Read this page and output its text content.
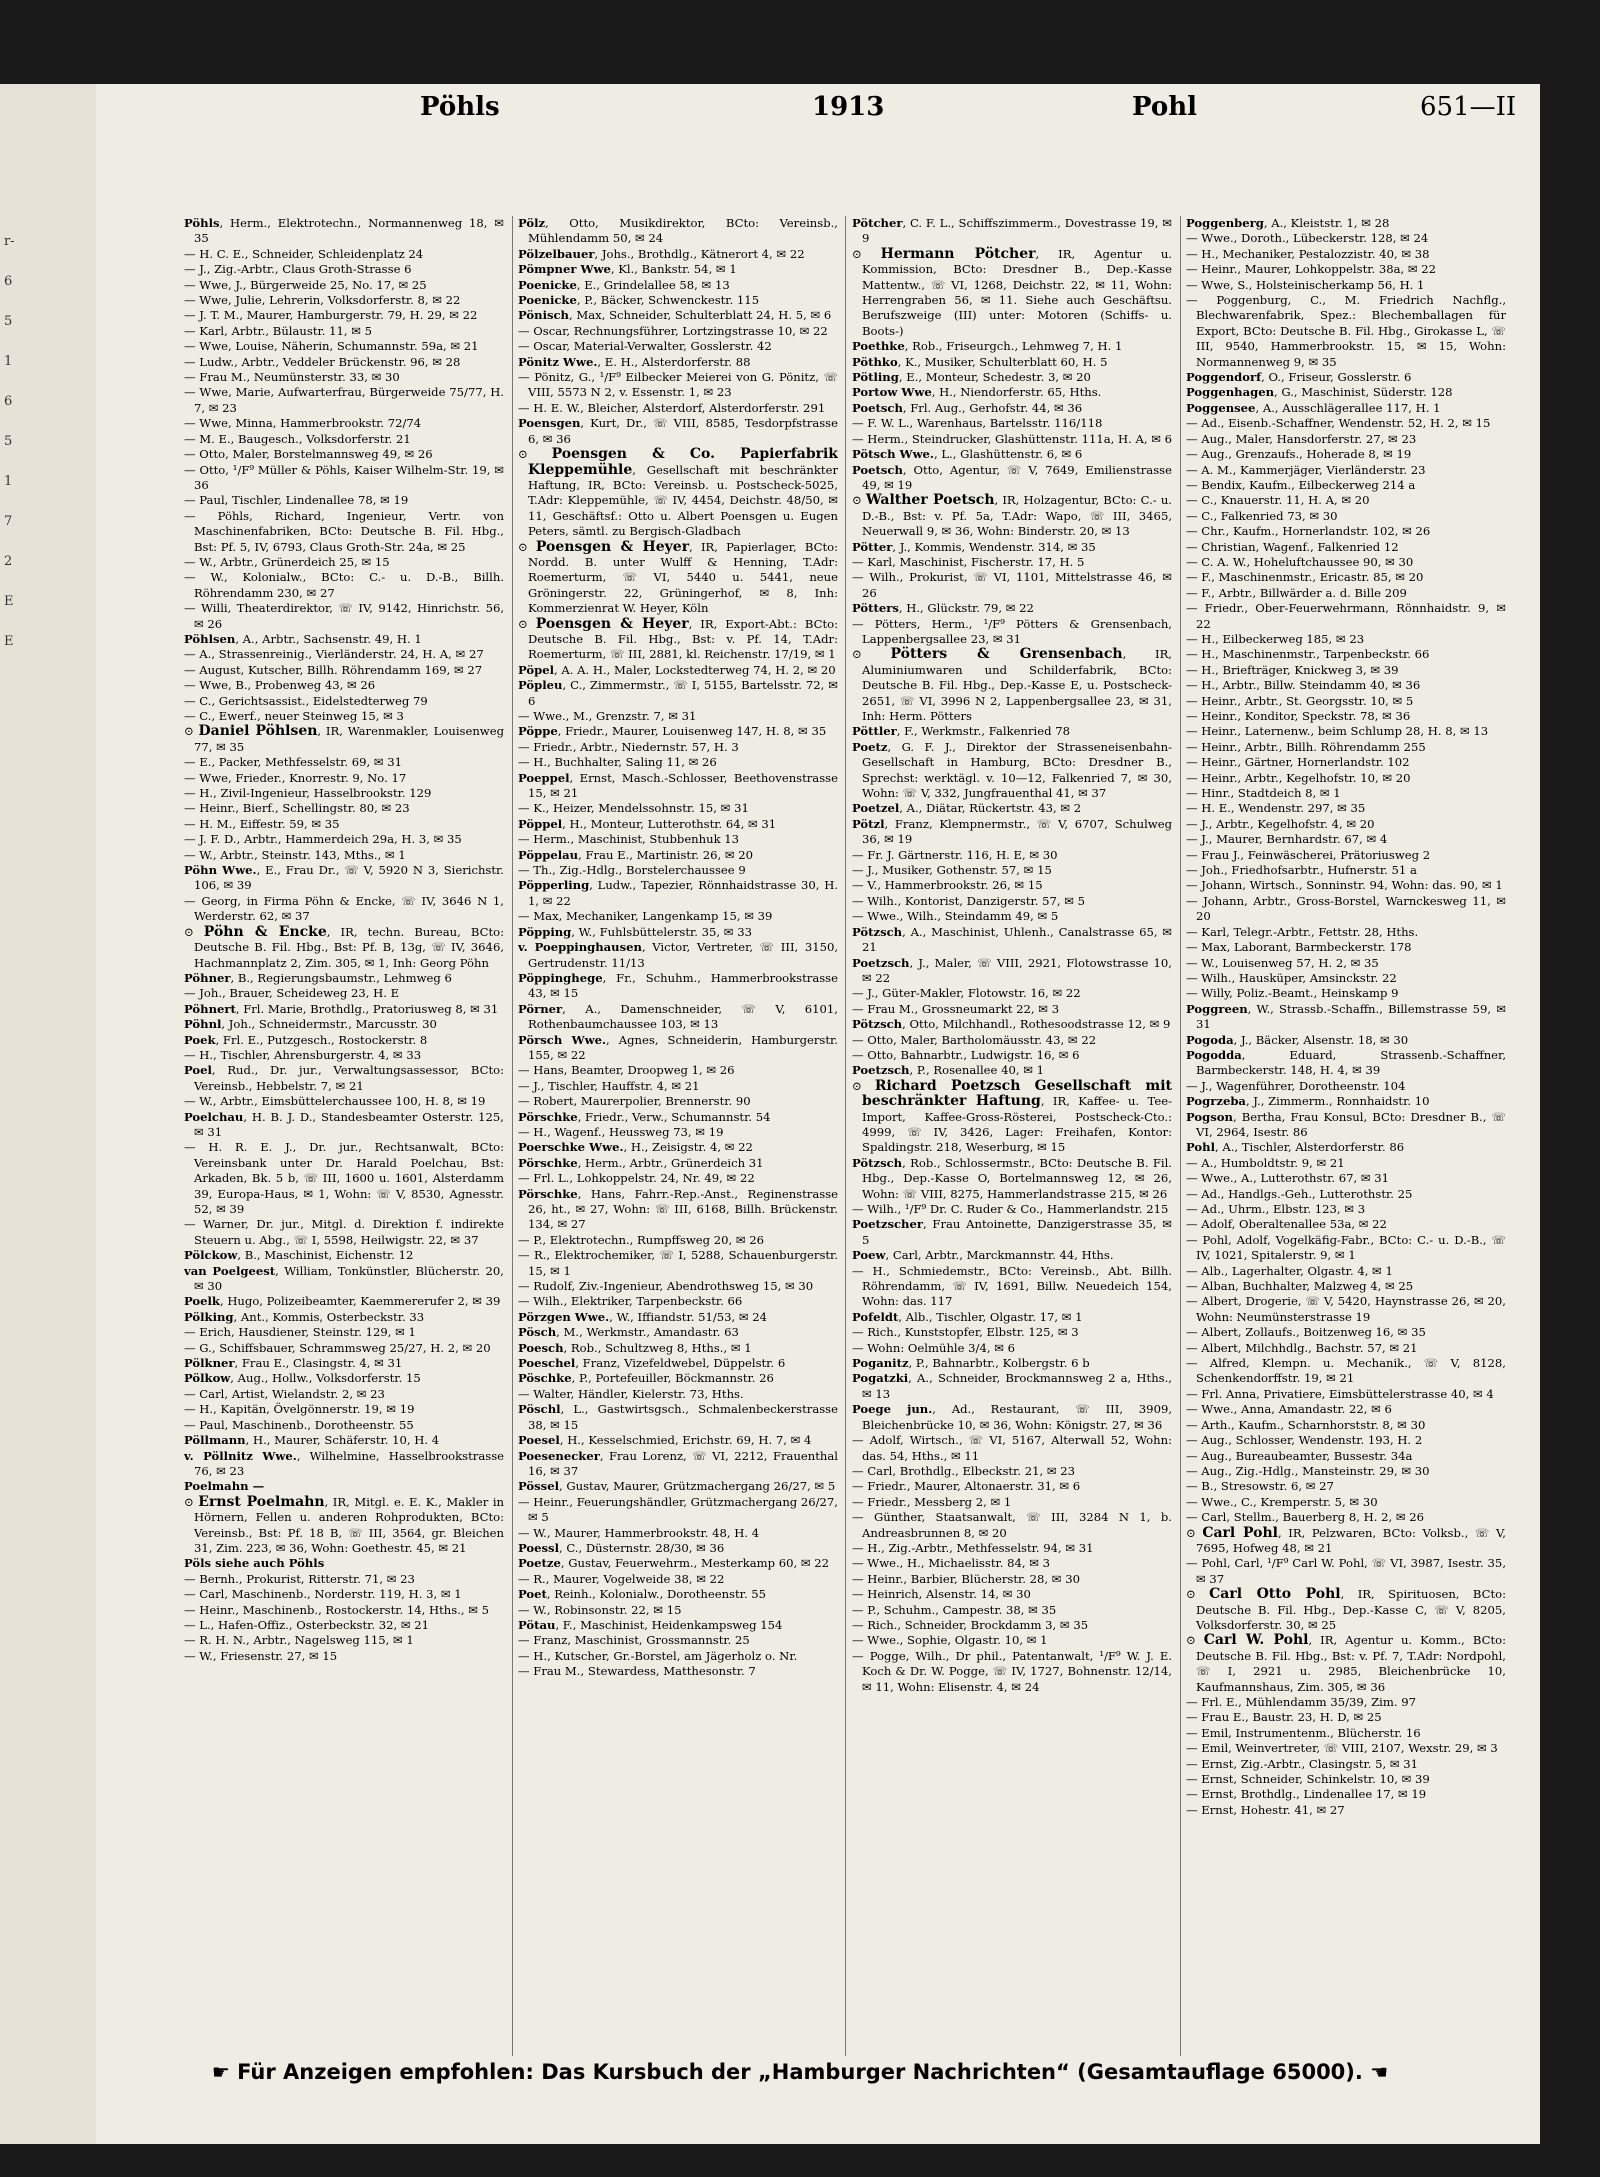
r-
6
5
1
6
5
1
7
2
E
E
Pöhls	1913	Pohl	651—II

Pöhls, Herm., Elektrotechn., Normannenweg 18, ✉ 35

— H. C. E., Schneider, Schleidenplatz 24

— J., Zig.-Arbtr., Claus Groth-Strasse 6

— Wwe, J., Bürgerweide 25, No. 17, ✉ 25

— Wwe, Julie, Lehrerin, Volksdorferstr. 8, ✉ 22

— J. T. M., Maurer, Hamburgerstr. 79, H. 29, ✉ 22

— Karl, Arbtr., Bülaustr. 11, ✉ 5

— Wwe, Louise, Näherin, Schumannstr. 59a, ✉ 21

— Ludw., Arbtr., Veddeler Brückenstr. 96, ✉ 28

— Frau M., Neumünsterstr. 33, ✉ 30

— Wwe, Marie, Aufwarterfrau, Bürgerweide 75/77, H. 7, ✉ 23

— Wwe, Minna, Hammerbrookstr. 72/74

— M. E., Baugesch., Volksdorferstr. 21

— Otto, Maler, Borstelmannsweg 49, ✉ 26

— Otto, ¹/F⁹ Müller & Pöhls, Kaiser Wilhelm-Str. 19, ✉ 36

— Paul, Tischler, Lindenallee 78, ✉ 19

— Pöhls, Richard, Ingenieur, Vertr. von Maschinenfabriken, BCto: Deutsche B. Fil. Hbg., Bst: Pf. 5, IV, 6793, Claus Groth-Str. 24a, ✉ 25

— W., Arbtr., Grünerdeich 25, ✉ 15

— W., Kolonialw., BCto: C.- u. D.-B., Billh. Röhrendamm 230, ✉ 27

— Willi, Theaterdirektor, ☏ IV, 9142, Hinrichstr. 56, ✉ 26

Pöhlsen, A., Arbtr., Sachsenstr. 49, H. 1

— A., Strassenreinig., Vierländerstr. 24, H. A, ✉ 27

— August, Kutscher, Billh. Röhrendamm 169, ✉ 27

— Wwe, B., Probenweg 43, ✉ 26

— C., Gerichtsassist., Eidelstedterweg 79

— C., Ewerf., neuer Steinweg 15, ✉ 3

⊙ Daniel Pöhlsen, IR, Warenmakler, Louisenweg 77, ✉ 35

— E., Packer, Methfesselstr. 69, ✉ 31

— Wwe, Frieder., Knorrestr. 9, No. 17

— H., Zivil-Ingenieur, Hasselbrookstr. 129

— Heinr., Bierf., Schellingstr. 80, ✉ 23

— H. M., Eiffestr. 59, ✉ 35

— J. F. D., Arbtr., Hammerdeich 29a, H. 3, ✉ 35

— W., Arbtr., Steinstr. 143, Mths., ✉ 1

Pöhn Wwe., E., Frau Dr., ☏ V, 5920 N 3, Sierichstr. 106, ✉ 39

— Georg, in Firma Pöhn & Encke, ☏ IV, 3646 N 1, Werderstr. 62, ✉ 37

⊙ Pöhn & Encke, IR, techn. Bureau, BCto: Deutsche B. Fil. Hbg., Bst: Pf. B, 13g, ☏ IV, 3646, Hachmannplatz 2, Zim. 305, ✉ 1, Inh: Georg Pöhn

Pöhner, B., Regierungsbaumstr., Lehmweg 6

— Joh., Brauer, Scheideweg 23, H. E

Pöhnert, Frl. Marie, Brothdlg., Pratoriusweg 8, ✉ 31

Pöhnl, Joh., Schneidermstr., Marcusstr. 30

Poek, Frl. E., Putzgesch., Rostockerstr. 8

— H., Tischler, Ahrensburgerstr. 4, ✉ 33

Poel, Rud., Dr. jur., Verwaltungsassessor, BCto: Vereinsb., Hebbelstr. 7, ✉ 21

— W., Arbtr., Eimsbüttelerchaussee 100, H. 8, ✉ 19

Poelchau, H. B. J. D., Standesbeamter Osterstr. 125, ✉ 31

— H. R. E. J., Dr. jur., Rechtsanwalt, BCto: Vereinsbank unter Dr. Harald Poelchau, Bst: Arkaden, Bk. 5 b, ☏ III, 1600 u. 1601, Alsterdamm 39, Europa-Haus, ✉ 1, Wohn: ☏ V, 8530, Agnesstr. 52, ✉ 39

— Warner, Dr. jur., Mitgl. d. Direktion f. indirekte Steuern u. Abg., ☏ I, 5598, Heilwigstr. 22, ✉ 37

Pölckow, B., Maschinist, Eichenstr. 12

van Poelgeest, William, Tonkünstler, Blücherstr. 20, ✉ 30

Poelk, Hugo, Polizeibeamter, Kaemmererufer 2, ✉ 39

Pölking, Ant., Kommis, Osterbeckstr. 33

— Erich, Hausdiener, Steinstr. 129, ✉ 1

— G., Schiffsbauer, Schrammsweg 25/27, H. 2, ✉ 20

Pölkner, Frau E., Clasingstr. 4, ✉ 31

Pölkow, Aug., Hollw., Volksdorferstr. 15

— Carl, Artist, Wielandstr. 2, ✉ 23

— H., Kapitän, Övelgönnerstr. 19, ✉ 19

— Paul, Maschinenb., Dorotheenstr. 55

Pöllmann, H., Maurer, Schäferstr. 10, H. 4

v. Pöllnitz Wwe., Wilhelmine, Hasselbrookstrasse 76, ✉ 23

Poelmahn —

⊙ Ernst Poelmahn, IR, Mitgl. e. E. K., Makler in Hörnern, Fellen u. anderen Rohprodukten, BCto: Vereinsb., Bst: Pf. 18 B, ☏ III, 3564, gr. Bleichen 31, Zim. 223, ✉ 36, Wohn: Goethestr. 45, ✉ 21

Pöls siehe auch Pöhls

— Bernh., Prokurist, Ritterstr. 71, ✉ 23

— Carl, Maschinenb., Norderstr. 119, H. 3, ✉ 1

— Heinr., Maschinenb., Rostockerstr. 14, Hths., ✉ 5

— L., Hafen-Offiz., Osterbeckstr. 32, ✉ 21

— R. H. N., Arbtr., Nagelsweg 115, ✉ 1

— W., Friesenstr. 27, ✉ 15

Pölz, Otto, Musikdirektor, BCto: Vereinsb., Mühlendamm 50, ✉ 24

Pölzelbauer, Johs., Brothdlg., Kätnerort 4, ✉ 22

Pömpner Wwe, Kl., Bankstr. 54, ✉ 1

Poenicke, E., Grindelallee 58, ✉ 13

Poenicke, P., Bäcker, Schwenckestr. 115

Pönisch, Max, Schneider, Schulterblatt 24, H. 5, ✉ 6

— Oscar, Rechnungsführer, Lortzingstrasse 10, ✉ 22

— Oscar, Material-Verwalter, Gosslerstr. 42

Pönitz Wwe., E. H., Alsterdorferstr. 88

— Pönitz, G., ¹/F⁹ Eilbecker Meierei von G. Pönitz, ☏ VIII, 5573 N 2, v. Essenstr. 1, ✉ 23

— H. E. W., Bleicher, Alsterdorf, Alsterdorferstr. 291

Poensgen, Kurt, Dr., ☏ VIII, 8585, Tesdorpfstrasse 6, ✉ 36

⊙ Poensgen & Co. Papierfabrik Kleppemühle, Gesellschaft mit beschränkter Haftung, IR, BCto: Vereinsb. u. Postscheck-5025, T.Adr: Kleppemühle, ☏ IV, 4454, Deichstr. 48/50, ✉ 11, Geschäftsf.: Otto u. Albert Poensgen u. Eugen Peters, sämtl. zu Bergisch-Gladbach

⊙ Poensgen & Heyer, IR, Papierlager, BCto: Nordd. B. unter Wulff & Henning, T.Adr: Roemerturm, ☏ VI, 5440 u. 5441, neue Gröningerstr. 22, Grüningerhof, ✉ 8, Inh: Kommerzienrat W. Heyer, Köln

⊙ Poensgen & Heyer, IR, Export-Abt.: BCto: Deutsche B. Fil. Hbg., Bst: v. Pf. 14, T.Adr: Roemerturm, ☏ III, 2881, kl. Reichenstr. 17/19, ✉ 1

Pöpel, A. A. H., Maler, Lockstedterweg 74, H. 2, ✉ 20

Pöpleu, C., Zimmermstr., ☏ I, 5155, Bartelsstr. 72, ✉ 6

— Wwe., M., Grenzstr. 7, ✉ 31

Pöppe, Friedr., Maurer, Louisenweg 147, H. 8, ✉ 35

— Friedr., Arbtr., Niedernstr. 57, H. 3

— H., Buchhalter, Saling 11, ✉ 26

Poeppel, Ernst, Masch.-Schlosser, Beethovenstrasse 15, ✉ 21

— K., Heizer, Mendelssohnstr. 15, ✉ 31

Pöppel, H., Monteur, Lutterothstr. 64, ✉ 31

— Herm., Maschinist, Stubbenhuk 13

Pöppelau, Frau E., Martinistr. 26, ✉ 20

— Th., Zig.-Hdlg., Borstelerchaussee 9

Pöpperling, Ludw., Tapezier, Rönnhaidstrasse 30, H. 1, ✉ 22

— Max, Mechaniker, Langenkamp 15, ✉ 39

Pöpping, W., Fuhlsbüttelerstr. 35, ✉ 33

v. Poeppinghausen, Victor, Vertreter, ☏ III, 3150, Gertrudenstr. 11/13

Pöppinghege, Fr., Schuhm., Hammerbrookstrasse 43, ✉ 15

Pörner, A., Damenschneider, ☏ V, 6101, Rothenbaumchaussee 103, ✉ 13

Pörsch Wwe., Agnes, Schneiderin, Hamburgerstr. 155, ✉ 22

— Hans, Beamter, Droopweg 1, ✉ 26

— J., Tischler, Hauffstr. 4, ✉ 21

— Robert, Maurerpolier, Brennerstr. 90

Pörschke, Friedr., Verw., Schumannstr. 54

— H., Wagenf., Heussweg 73, ✉ 19

Poerschke Wwe., H., Zeisigstr. 4, ✉ 22

Pörschke, Herm., Arbtr., Grünerdeich 31

— Frl. L., Lohkoppelstr. 24, Nr. 49, ✉ 22

Pörschke, Hans, Fahrr.-Rep.-Anst., Reginenstrasse 26, ht., ✉ 27, Wohn: ☏ III, 6168, Billh. Brückenstr. 134, ✉ 27

— P., Elektrotechn., Rumpffsweg 20, ✉ 26

— R., Elektrochemiker, ☏ I, 5288, Schauenburgerstr. 15, ✉ 1

— Rudolf, Ziv.-Ingenieur, Abendrothsweg 15, ✉ 30

— Wilh., Elektriker, Tarpenbeckstr. 66

Pörzgen Wwe., W., Iffiandstr. 51/53, ✉ 24

Pösch, M., Werkmstr., Amandastr. 63

Poesch, Rob., Schultzweg 8, Hths., ✉ 1

Poeschel, Franz, Vizefeldwebel, Düppelstr. 6

Pöschke, P., Portefeuiller, Böckmannstr. 26

— Walter, Händler, Kielerstr. 73, Hths.

Pöschl, L., Gastwirtsgsch., Schmalenbeckerstrasse 38, ✉ 15

Poesel, H., Kesselschmied, Erichstr. 69, H. 7, ✉ 4

Poesenecker, Frau Lorenz, ☏ VI, 2212, Frauenthal 16, ✉ 37

Pössel, Gustav, Maurer, Grützmachergang 26/27, ✉ 5

— Heinr., Feuerungshändler, Grützmachergang 26/27, ✉ 5

— W., Maurer, Hammerbrookstr. 48, H. 4

Poessl, C., Düsternstr. 28/30, ✉ 36

Poetze, Gustav, Feuerwehrm., Mesterkamp 60, ✉ 22

— R., Maurer, Vogelweide 38, ✉ 22

Poet, Reinh., Kolonialw., Dorotheenstr. 55

— W., Robinsonstr. 22, ✉ 15

Pötau, F., Maschinist, Heidenkampsweg 154

— Franz, Maschinist, Grossmannstr. 25

— H., Kutscher, Gr.-Borstel, am Jägerholz o. Nr.

— Frau M., Stewardess, Matthesonstr. 7

Pötcher, C. F. L., Schiffszimmerm., Dovestrasse 19, ✉ 9

⊙ Hermann Pötcher, IR, Agentur u. Kommission, BCto: Dresdner B., Dep.-Kasse Mattentw., ☏ VI, 1268, Deichstr. 22, ✉ 11, Wohn: Herrengraben 56, ✉ 11. Siehe auch Geschäftsu. Berufszweige (III) unter: Motoren (Schiffs- u. Boots-)

Poethke, Rob., Friseurgch., Lehmweg 7, H. 1

Pöthko, K., Musiker, Schulterblatt 60, H. 5

Pötling, E., Monteur, Schedestr. 3, ✉ 20

Portow Wwe, H., Niendorferstr. 65, Hths.

Poetsch, Frl. Aug., Gerhofstr. 44, ✉ 36

— F. W. L., Warenhaus, Bartelsstr. 116/118

— Herm., Steindrucker, Glashüttenstr. 111a, H. A, ✉ 6

Pötsch Wwe., L., Glashüttenstr. 6, ✉ 6

Poetsch, Otto, Agentur, ☏ V, 7649, Emilienstrasse 49, ✉ 19

⊙ Walther Poetsch, IR, Holzagentur, BCto: C.- u. D.-B., Bst: v. Pf. 5a, T.Adr: Wapo, ☏ III, 3465, Neuerwall 9, ✉ 36, Wohn: Binderstr. 20, ✉ 13

Pötter, J., Kommis, Wendenstr. 314, ✉ 35

— Karl, Maschinist, Fischerstr. 17, H. 5

— Wilh., Prokurist, ☏ VI, 1101, Mittelstrasse 46, ✉ 26

Pötters, H., Glückstr. 79, ✉ 22

— Pötters, Herm., ¹/F⁹ Pötters & Grensenbach, Lappenbergsallee 23, ✉ 31

⊙ Pötters & Grensenbach, IR, Aluminiumwaren und Schilderfabrik, BCto: Deutsche B. Fil. Hbg., Dep.-Kasse E, u. Postscheck-2651, ☏ VI, 3996 N 2, Lappenbergsallee 23, ✉ 31, Inh: Herm. Pötters

Pöttler, F., Werkmstr., Falkenried 78

Poetz, G. F. J., Direktor der Strasseneisenbahn-Gesellschaft in Hamburg, BCto: Dresdner B., Sprechst: werktägl. v. 10—12, Falkenried 7, ✉ 30, Wohn: ☏ V, 332, Jungfrauenthal 41, ✉ 37

Poetzel, A., Diätar, Rückertstr. 43, ✉ 2

Pötzl, Franz, Klempnermstr., ☏ V, 6707, Schulweg 36, ✉ 19

— Fr. J. Gärtnerstr. 116, H. E, ✉ 30

— J., Musiker, Gothenstr. 57, ✉ 15

— V., Hammerbrookstr. 26, ✉ 15

— Wilh., Kontorist, Danzigerstr. 57, ✉ 5

— Wwe., Wilh., Steindamm 49, ✉ 5

Pötzsch, A., Maschinist, Uhlenh., Canalstrasse 65, ✉ 21

Poetzsch, J., Maler, ☏ VIII, 2921, Flotowstrasse 10, ✉ 22

— J., Güter-Makler, Flotowstr. 16, ✉ 22

— Frau M., Grossneumarkt 22, ✉ 3

Pötzsch, Otto, Milchhandl., Rothesoodstrasse 12, ✉ 9

— Otto, Maler, Bartholomäusstr. 43, ✉ 22

— Otto, Bahnarbtr., Ludwigstr. 16, ✉ 6

Poetzsch, P., Rosenallee 40, ✉ 1

⊙ Richard Poetzsch Gesellschaft mit beschränkter Haftung, IR, Kaffee- u. Tee-Import, Kaffee-Gross-Rösterei, Postscheck-Cto.: 4999, ☏ IV, 3426, Lager: Freihafen, Kontor: Spaldingstr. 218, Weserburg, ✉ 15

Pötzsch, Rob., Schlossermstr., BCto: Deutsche B. Fil. Hbg., Dep.-Kasse O, Bortelmannsweg 12, ✉ 26, Wohn: ☏ VIII, 8275, Hammerlandstrasse 215, ✉ 26

— Wilh., ¹/F⁹ Dr. C. Ruder & Co., Hammerlandstr. 215

Poetzscher, Frau Antoinette, Danzigerstrasse 35, ✉ 5

Poew, Carl, Arbtr., Marckmannstr. 44, Hths.

— H., Schmiedemstr., BCto: Vereinsb., Abt. Billh. Röhrendamm, ☏ IV, 1691, Billw. Neuedeich 154, Wohn: das. 117

Pofeldt, Alb., Tischler, Olgastr. 17, ✉ 1

— Rich., Kunststopfer, Elbstr. 125, ✉ 3

— Wohn: Oelmühle 3/4, ✉ 6

Poganitz, P., Bahnarbtr., Kolbergstr. 6 b

Pogatzki, A., Schneider, Brockmannsweg 2 a, Hths., ✉ 13

Poege jun., Ad., Restaurant, ☏ III, 3909, Bleichenbrücke 10, ✉ 36, Wohn: Königstr. 27, ✉ 36

— Adolf, Wirtsch., ☏ VI, 5167, Alterwall 52, Wohn: das. 54, Hths., ✉ 11

— Carl, Brothdlg., Elbeckstr. 21, ✉ 23

— Friedr., Maurer, Altonaerstr. 31, ✉ 6

— Friedr., Messberg 2, ✉ 1

— Günther, Staatsanwalt, ☏ III, 3284 N 1, b. Andreasbrunnen 8, ✉ 20

— H., Zig.-Arbtr., Methfesselstr. 94, ✉ 31

— Wwe., H., Michaelisstr. 84, ✉ 3

— Heinr., Barbier, Blücherstr. 28, ✉ 30

— Heinrich, Alsenstr. 14, ✉ 30

— P., Schuhm., Campestr. 38, ✉ 35

— Rich., Schneider, Brockdamm 3, ✉ 35

— Wwe., Sophie, Olgastr. 10, ✉ 1

— Pogge, Wilh., Dr phil., Patentanwalt, ¹/F⁹ W. J. E. Koch & Dr. W. Pogge, ☏ IV, 1727, Bohnenstr. 12/14, ✉ 11, Wohn: Elisenstr. 4, ✉ 24

Poggenberg, A., Kleiststr. 1, ✉ 28

— Wwe., Doroth., Lübeckerstr. 128, ✉ 24

— H., Mechaniker, Pestalozzistr. 40, ✉ 38

— Heinr., Maurer, Lohkoppelstr. 38a, ✉ 22

— Wwe, S., Holsteinischerkamp 56, H. 1

— Poggenburg, C., M. Friedrich Nachflg., Blechwarenfabrik, Spez.: Blechemballagen für Export, BCto: Deutsche B. Fil. Hbg., Girokasse L, ☏ III, 9540, Hammerbrookstr. 15, ✉ 15, Wohn: Normannenweg 9, ✉ 35

Poggendorf, O., Friseur, Gosslerstr. 6

Poggenhagen, G., Maschinist, Süderstr. 128

Poggensee, A., Ausschlägerallee 117, H. 1

— Ad., Eisenb.-Schaffner, Wendenstr. 52, H. 2, ✉ 15

— Aug., Maler, Hansdorferstr. 27, ✉ 23

— Aug., Grenzaufs., Hoherade 8, ✉ 19

— A. M., Kammerjäger, Vierländerstr. 23

— Bendix, Kaufm., Eilbeckerweg 214 a

— C., Knauerstr. 11, H. A, ✉ 20

— C., Falkenried 73, ✉ 30

— Chr., Kaufm., Hornerlandstr. 102, ✉ 26

— Christian, Wagenf., Falkenried 12

— C. A. W., Hoheluftchaussee 90, ✉ 30

— F., Maschinenmstr., Ericastr. 85, ✉ 20

— F., Arbtr., Billwärder a. d. Bille 209

— Friedr., Ober-Feuerwehrmann, Rönnhaidstr. 9, ✉ 22

— H., Eilbeckerweg 185, ✉ 23

— H., Maschinenmstr., Tarpenbeckstr. 66

— H., Briefträger, Knickweg 3, ✉ 39

— H., Arbtr., Billw. Steindamm 40, ✉ 36

— Heinr., Arbtr., St. Georgsstr. 10, ✉ 5

— Heinr., Konditor, Speckstr. 78, ✉ 36

— Heinr., Laternenw., beim Schlump 28, H. 8, ✉ 13

— Heinr., Arbtr., Billh. Röhrendamm 255

— Heinr., Gärtner, Hornerlandstr. 102

— Heinr., Arbtr., Kegelhofstr. 10, ✉ 20

— Hinr., Stadtdeich 8, ✉ 1

— H. E., Wendenstr. 297, ✉ 35

— J., Arbtr., Kegelhofstr. 4, ✉ 20

— J., Maurer, Bernhardstr. 67, ✉ 4

— Frau J., Feinwäscherei, Prätoriusweg 2

— Joh., Friedhofsarbtr., Hufnerstr. 51 a

— Johann, Wirtsch., Sonninstr. 94, Wohn: das. 90, ✉ 1

— Johann, Arbtr., Gross-Borstel, Warnckesweg 11, ✉ 20

— Karl, Telegr.-Arbtr., Fettstr. 28, Hths.

— Max, Laborant, Barmbeckerstr. 178

— W., Louisenweg 57, H. 2, ✉ 35

— Wilh., Hausküper, Amsinckstr. 22

— Willy, Poliz.-Beamt., Heinskamp 9

Poggreen, W., Strassb.-Schaffn., Billemstrasse 59, ✉ 31

Pogoda, J., Bäcker, Alsenstr. 18, ✉ 30

Pogodda, Eduard, Strassenb.-Schaffner, Barmbeckerstr. 148, H. 4, ✉ 39

— J., Wagenführer, Dorotheenstr. 104

Pogrzeba, J., Zimmerm., Ronnhaidstr. 10

Pogson, Bertha, Frau Konsul, BCto: Dresdner B., ☏ VI, 2964, Isestr. 86

Pohl, A., Tischler, Alsterdorferstr. 86

— A., Humboldtstr. 9, ✉ 21

— Wwe., A., Lutterothstr. 67, ✉ 31

— Ad., Handlgs.-Geh., Lutterothstr. 25

— Ad., Uhrm., Elbstr. 123, ✉ 3

— Adolf, Oberaltenallee 53a, ✉ 22

— Pohl, Adolf, Vogelkäfig-Fabr., BCto: C.- u. D.-B., ☏ IV, 1021, Spitalerstr. 9, ✉ 1

— Alb., Lagerhalter, Olgastr. 4, ✉ 1

— Alban, Buchhalter, Malzweg 4, ✉ 25

— Albert, Drogerie, ☏ V, 5420, Haynstrasse 26, ✉ 20, Wohn: Neumünsterstrasse 19

— Albert, Zollaufs., Boitzenweg 16, ✉ 35

— Albert, Milchhdlg., Bachstr. 57, ✉ 21

— Alfred, Klempn. u. Mechanik., ☏ V, 8128, Schenkendorffstr. 19, ✉ 21

— Frl. Anna, Privatiere, Eimsbüttelerstrasse 40, ✉ 4

— Wwe., Anna, Amandastr. 22, ✉ 6

— Arth., Kaufm., Scharnhorststr. 8, ✉ 30

— Aug., Schlosser, Wendenstr. 193, H. 2

— Aug., Bureaubeamter, Bussestr. 34a

— Aug., Zig.-Hdlg., Mansteinstr. 29, ✉ 30

— B., Stresowstr. 6, ✉ 27

— Wwe., C., Kremperstr. 5, ✉ 30

— Carl, Stellm., Bauerberg 8, H. 2, ✉ 26

⊙ Carl Pohl, IR, Pelzwaren, BCto: Volksb., ☏ V, 7695, Hofweg 48, ✉ 21

— Pohl, Carl, ¹/F⁹ Carl W. Pohl, ☏ VI, 3987, Isestr. 35, ✉ 37

⊙ Carl Otto Pohl, IR, Spirituosen, BCto: Deutsche B. Fil. Hbg., Dep.-Kasse C, ☏ V, 8205, Volksdorferstr. 30, ✉ 25

⊙ Carl W. Pohl, IR, Agentur u. Komm., BCto: Deutsche B. Fil. Hbg., Bst: v. Pf. 7, T.Adr: Nordpohl, ☏ I, 2921 u. 2985, Bleichenbrücke 10, Kaufmannshaus, Zim. 305, ✉ 36

— Frl. E., Mühlendamm 35/39, Zim. 97

— Frau E., Baustr. 23, H. D, ✉ 25

— Emil, Instrumentenm., Blücherstr. 16

— Emil, Weinvertreter, ☏ VIII, 2107, Wexstr. 29, ✉ 3

— Ernst, Zig.-Arbtr., Clasingstr. 5, ✉ 31

— Ernst, Schneider, Schinkelstr. 10, ✉ 39

— Ernst, Brothdlg., Lindenallee 17, ✉ 19

— Ernst, Hohestr. 41, ✉ 27

☛ Für Anzeigen empfohlen: Das Kursbuch der „Hamburger Nachrichten“ (Gesamtauflage 65000). ☚
